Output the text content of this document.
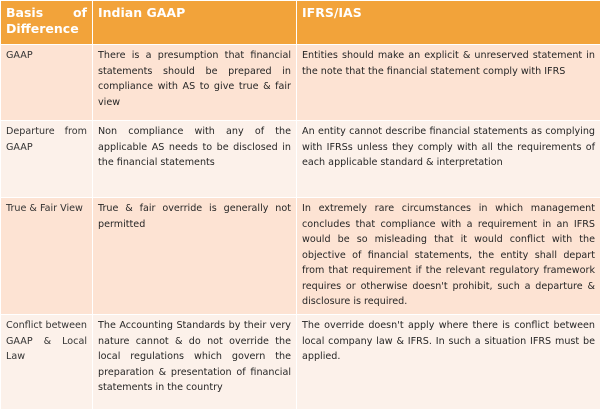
Basis of Difference	Indian GAAP	IFRS/IAS
GAAP	There is a presumption that financial statements should be prepared in compliance with AS to give true & fair view	Entities should make an explicit & unreserved statement in the note that the financial statement comply with IFRS
Departure from GAAP	Non compliance with any of the applicable AS needs to be disclosed in the financial statements	An entity cannot describe financial statements as complying with IFRSs unless they comply with all the requirements of each applicable standard & interpretation
True & Fair View	True & fair override is generally not permitted	In extremely rare circumstances in which management concludes that compliance with a requirement in an IFRS would be so misleading that it would conflict with the objective of financial statements, the entity shall depart from that requirement if the relevant regulatory framework requires or otherwise doesn't prohibit, such a departure & disclosure is required.
Conflict between GAAP & Local Law	The Accounting Standards by their very nature cannot & do not override the local regulations which govern the preparation & presentation of financial statements in the country	The override doesn't apply where there is conflict between local company law & IFRS. In such a situation IFRS must be applied.
